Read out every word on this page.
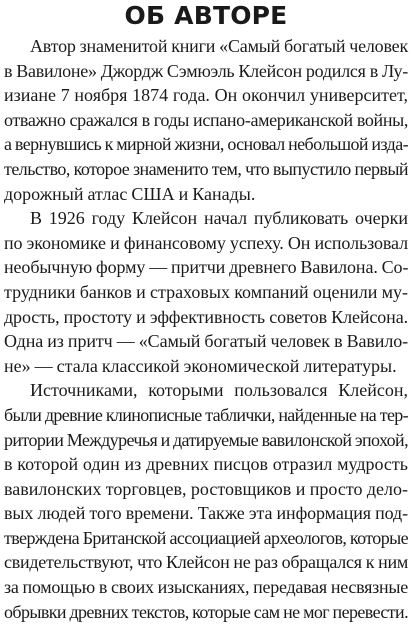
ОБ АВТОРЕ
Автор знаменитой книги «Самый богатый человек
в Вавилоне» Джордж Сэмюэль Клейсон родился в Лу-
изиане 7 ноября 1874 года. Он окончил университет,
отважно сражался в годы испано-американской войны,
а вернувшись к мирной жизни, основал небольшой изда-
тельство, которое знаменито тем, что выпустило первый
дорожный атлас США и Канады.
В 1926 году Клейсон начал публиковать очерки
по экономике и финансовому успеху. Он использовал
необычную форму — притчи древнего Вавилона. Со-
трудники банков и страховых компаний оценили му-
дрость, простоту и эффективность советов Клейсона.
Одна из притч — «Самый богатый человек в Вавило-
не» — стала классикой экономической литературы.
Источниками, которыми пользовался Клейсон,
были древние клинописные таблички, найденные на тер-
ритории Междуречья и датируемые вавилонской эпохой,
в которой один из древних писцов отразил мудрость
вавилонских торговцев, ростовщиков и просто дело-
вых людей того времени. Также эта информация под-
тверждена Британской ассоциацией археологов, которые
свидетельствуют, что Клейсон не раз обращался к ним
за помощью в своих изысканиях, передавая несвязные
обрывки древних текстов, которые сам не мог перевести.
